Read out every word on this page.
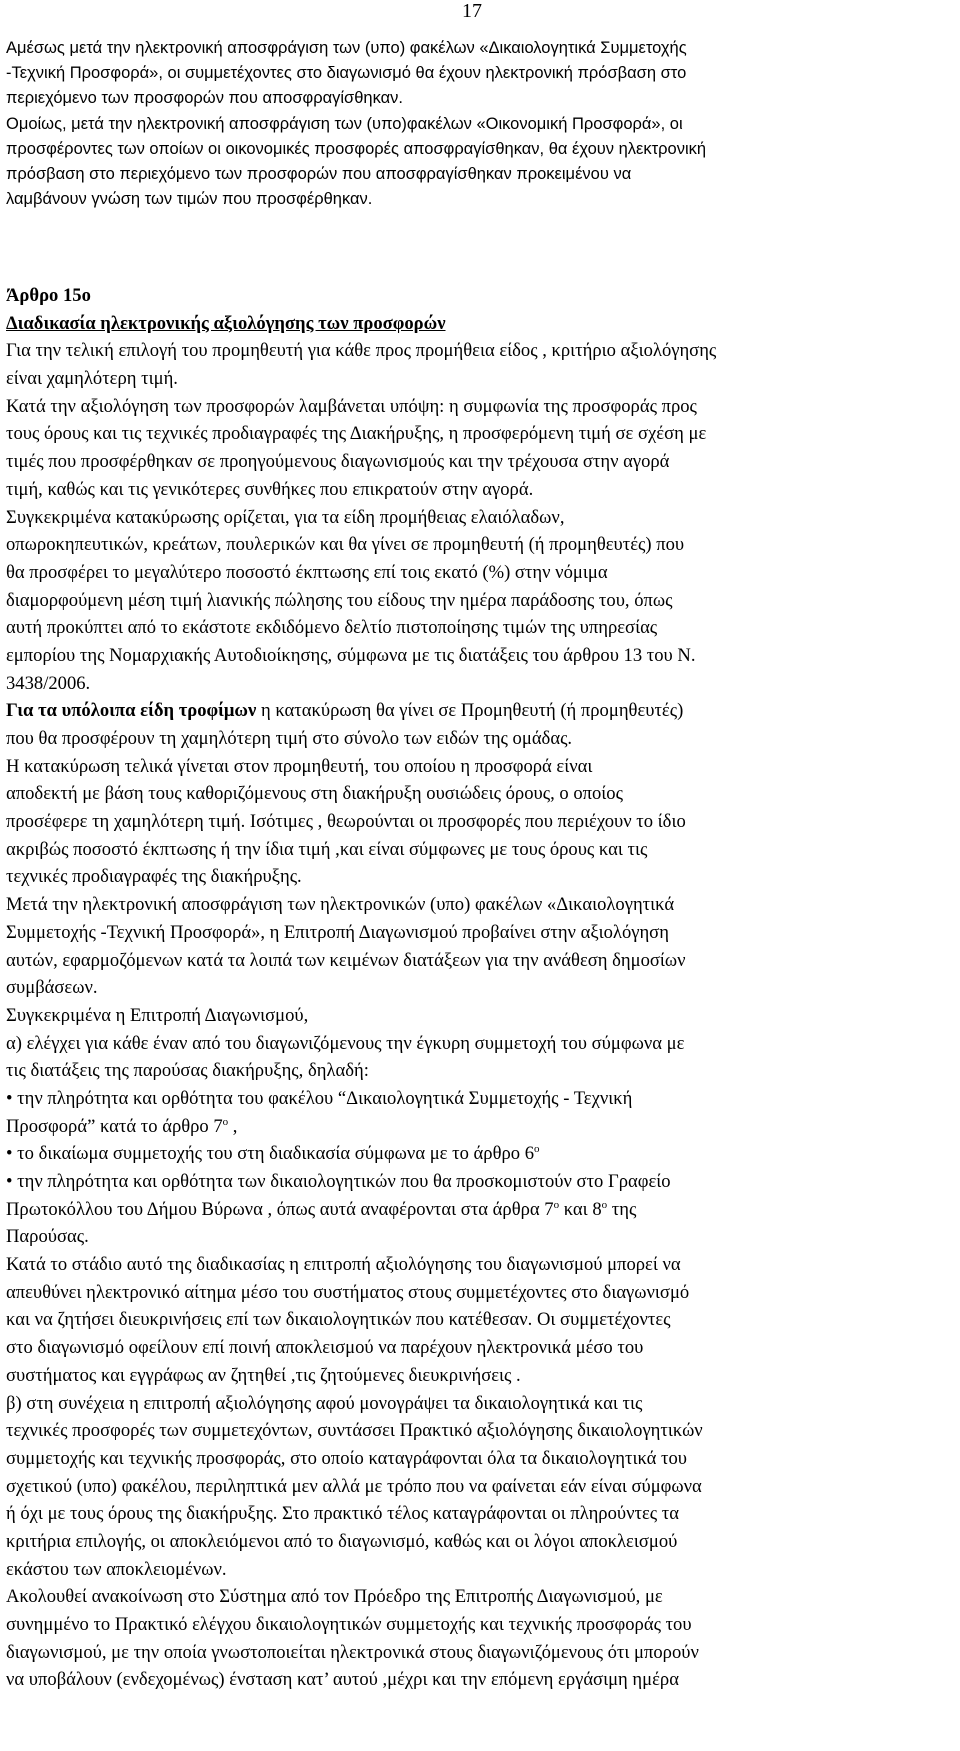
17
Αμέσως μετά την ηλεκτρονική αποσφράγιση των (υπο) φακέλων «Δικαιολογητικά Συμμετοχής
-Τεχνική Προσφορά», οι συμμετέχοντες στο διαγωνισμό θα έχουν ηλεκτρονική πρόσβαση στο
περιεχόμενο των προσφορών που αποσφραγίσθηκαν.
Ομοίως, μετά την ηλεκτρονική αποσφράγιση των (υπο)φακέλων «Οικονομική Προσφορά», οι
προσφέροντες των οποίων οι οικονομικές προσφορές αποσφραγίσθηκαν, θα έχουν ηλεκτρονική
πρόσβαση στο περιεχόμενο των προσφορών που αποσφραγίσθηκαν προκειμένου να
λαμβάνουν γνώση των τιμών που προσφέρθηκαν.
Άρθρο 15ο
Διαδικασία ηλεκτρονικής αξιολόγησης των προσφορών
Για την τελική επιλογή του προμηθευτή για κάθε προς προμήθεια είδος , κριτήριο αξιολόγησης
είναι χαμηλότερη τιμή.
Κατά την αξιολόγηση των προσφορών λαμβάνεται υπόψη: η συμφωνία της προσφοράς προς
τους όρους και τις τεχνικές προδιαγραφές της Διακήρυξης, η προσφερόμενη τιμή σε σχέση με
τιμές που προσφέρθηκαν σε προηγούμενους διαγωνισμούς και την τρέχουσα στην αγορά
τιμή, καθώς και τις γενικότερες συνθήκες που επικρατούν στην αγορά.
Συγκεκριμένα κατακύρωσης ορίζεται, για τα είδη προμήθειας ελαιόλαδων,
οπωροκηπευτικών, κρεάτων, πουλερικών και θα γίνει σε προμηθευτή (ή προμηθευτές) που
θα προσφέρει το μεγαλύτερο ποσοστό έκπτωσης επί τοις εκατό (%) στην νόμιμα
διαμορφούμενη μέση τιμή λιανικής πώλησης του είδους την ημέρα παράδοσης του, όπως
αυτή προκύπτει από το εκάστοτε εκδιδόμενο δελτίο πιστοποίησης τιμών της υπηρεσίας
εμπορίου της Νομαρχιακής Αυτοδιοίκησης, σύμφωνα με τις διατάξεις του άρθρου 13 του Ν.
3438/2006.
Για τα υπόλοιπα είδη τροφίμων η κατακύρωση θα γίνει σε Προμηθευτή (ή προμηθευτές)
που θα προσφέρουν τη χαμηλότερη τιμή στο σύνολο των ειδών της ομάδας.
Η κατακύρωση τελικά γίνεται στον προμηθευτή, του οποίου η προσφορά είναι
αποδεκτή με βάση τους καθοριζόμενους στη διακήρυξη ουσιώδεις όρους, ο οποίος
προσέφερε τη χαμηλότερη τιμή. Ισότιμες , θεωρούνται οι προσφορές που περιέχουν το ίδιο
ακριβώς ποσοστό έκπτωσης ή την ίδια τιμή ,και είναι σύμφωνες με τους όρους και τις
τεχνικές προδιαγραφές της διακήρυξης.
Μετά την ηλεκτρονική αποσφράγιση των ηλεκτρονικών (υπο) φακέλων «Δικαιολογητικά
Συμμετοχής -Τεχνική Προσφορά», η Επιτροπή Διαγωνισμού προβαίνει στην αξιολόγηση
αυτών, εφαρμοζόμενων κατά τα λοιπά των κειμένων διατάξεων για την ανάθεση δημοσίων
συμβάσεων.
Συγκεκριμένα η Επιτροπή Διαγωνισμού,
α) ελέγχει για κάθε έναν από του διαγωνιζόμενους την έγκυρη συμμετοχή του σύμφωνα με
τις διατάξεις της παρούσας διακήρυξης, δηλαδή:
• την πληρότητα και ορθότητα του φακέλου “Δικαιολογητικά Συμμετοχής - Τεχνική
Προσφορά” κατά το άρθρο $7^o$ ,
• το δικαίωμα συμμετοχής του στη διαδικασία σύμφωνα με το άρθρο $6^o$
• την πληρότητα και ορθότητα των δικαιολογητικών που θα προσκομιστούν στο Γραφείο
Πρωτοκόλλου του Δήμου Βύρωνα , όπως αυτά αναφέρονται στα άρθρα $7^o$ και $8^o$ της
Παρούσας.
Κατά το στάδιο αυτό της διαδικασίας η επιτροπή αξιολόγησης του διαγωνισμού μπορεί να
απευθύνει ηλεκτρονικό αίτημα μέσο του συστήματος στους συμμετέχοντες στο διαγωνισμό
και να ζητήσει διευκρινήσεις επί των δικαιολογητικών που κατέθεσαν. Οι συμμετέχοντες
στο διαγωνισμό οφείλουν επί ποινή αποκλεισμού να παρέχουν ηλεκτρονικά μέσο του
συστήματος και εγγράφως αν ζητηθεί ,τις ζητούμενες διευκρινήσεις .
β) στη συνέχεια η επιτροπή αξιολόγησης αφού μονογράψει τα δικαιολογητικά και τις
τεχνικές προσφορές των συμμετεχόντων, συντάσσει Πρακτικό αξιολόγησης δικαιολογητικών
συμμετοχής και τεχνικής προσφοράς, στο οποίο καταγράφονται όλα τα δικαιολογητικά του
σχετικού (υπο) φακέλου, περιληπτικά μεν αλλά με τρόπο που να φαίνεται εάν είναι σύμφωνα
ή όχι με τους όρους της διακήρυξης. Στο πρακτικό τέλος καταγράφονται οι πληρούντες τα
κριτήρια επιλογής, οι αποκλειόμενοι από το διαγωνισμό, καθώς και οι λόγοι αποκλεισμού
εκάστου των αποκλειομένων.
Ακολουθεί ανακοίνωση στο Σύστημα από τον Πρόεδρο της Επιτροπής Διαγωνισμού, με
συνημμένο το Πρακτικό ελέγχου δικαιολογητικών συμμετοχής και τεχνικής προσφοράς του
διαγωνισμού, με την οποία γνωστοποιείται ηλεκτρονικά στους διαγωνιζόμενους ότι μπορούν
να υποβάλουν (ενδεχομένως) ένσταση κατ’ αυτού ,μέχρι και την επόμενη εργάσιμη ημέρα
